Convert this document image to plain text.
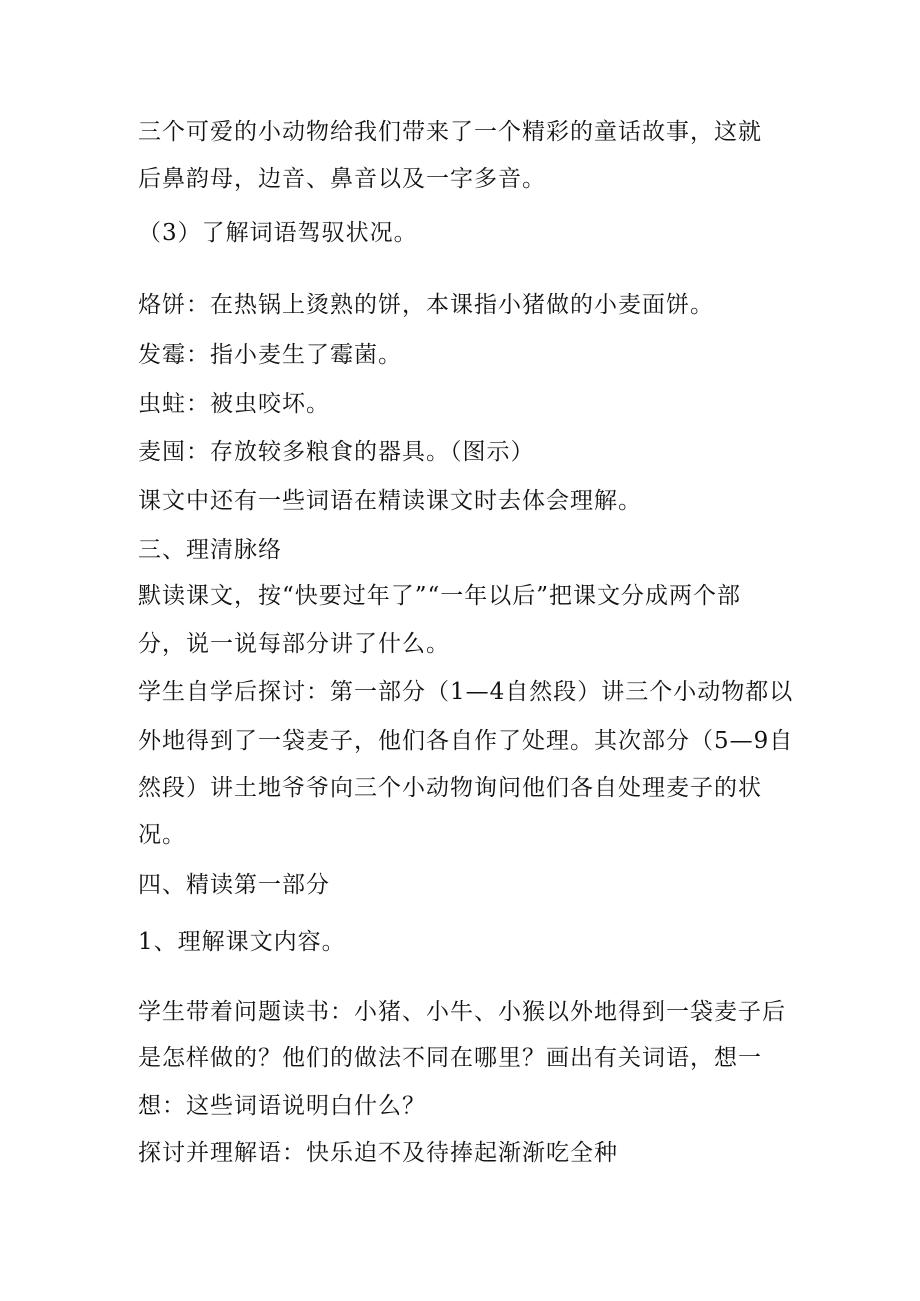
三个可爱的小动物给我们带来了一个精彩的童话故事，这就
后鼻韵母，边音、鼻音以及一字多音。
（3）了解词语驾驭状况。
烙饼：在热锅上烫熟的饼，本课指小猪做的小麦面饼。
发霉：指小麦生了霉菌。
虫蛀：被虫咬坏。
麦囤：存放较多粮食的器具。（图示）
课文中还有一些词语在精读课文时去体会理解。
三、理清脉络
默读课文，按“快要过年了”“一年以后”把课文分成两个部
分，说一说每部分讲了什么。
学生自学后探讨：第一部分（1—4自然段）讲三个小动物都以
外地得到了一袋麦子，他们各自作了处理。其次部分（5—9自
然段）讲土地爷爷向三个小动物询问他们各自处理麦子的状
况。
四、精读第一部分
1、理解课文内容。
学生带着问题读书：小猪、小牛、小猴以外地得到一袋麦子后
是怎样做的？他们的做法不同在哪里？画出有关词语，想一
想：这些词语说明白什么？
探讨并理解语：快乐迫不及待捧起渐渐吃全种
